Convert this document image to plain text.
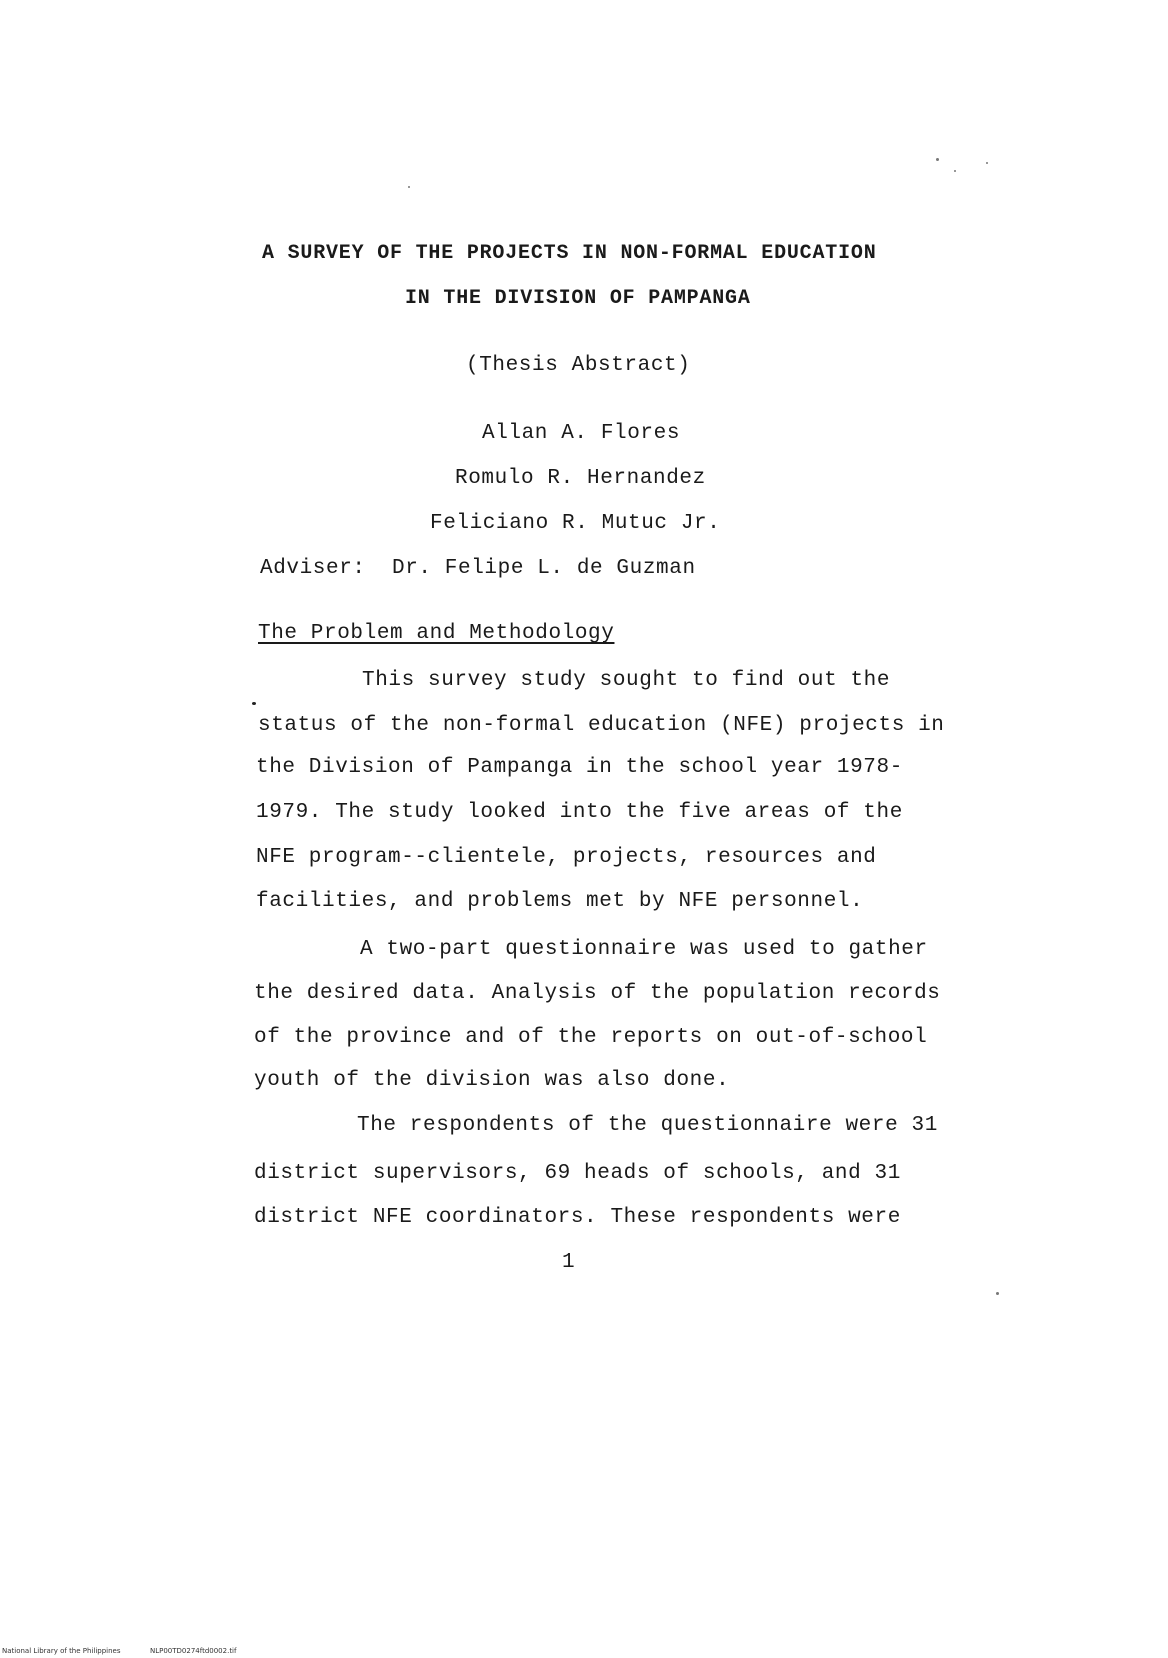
A SURVEY OF THE PROJECTS IN NON-FORMAL EDUCATION
IN THE DIVISION OF PAMPANGA
(Thesis Abstract)
Allan A. Flores
Romulo R. Hernandez
Feliciano R. Mutuc Jr.
Adviser: Dr. Felipe L. de Guzman
The Problem and Methodology
This survey study sought to find out the
status of the non-formal education (NFE) projects in
the Division of Pampanga in the school year 1978-
1979. The study looked into the five areas of the
NFE program--clientele, projects, resources and
facilities, and problems met by NFE personnel.
A two-part questionnaire was used to gather
the desired data. Analysis of the population records
of the province and of the reports on out-of-school
youth of the division was also done.
The respondents of the questionnaire were 31
district supervisors, 69 heads of schools, and 31
district NFE coordinators. These respondents were
1
National Library of the Philippines	NLP00TD0274ftd0002.tif
